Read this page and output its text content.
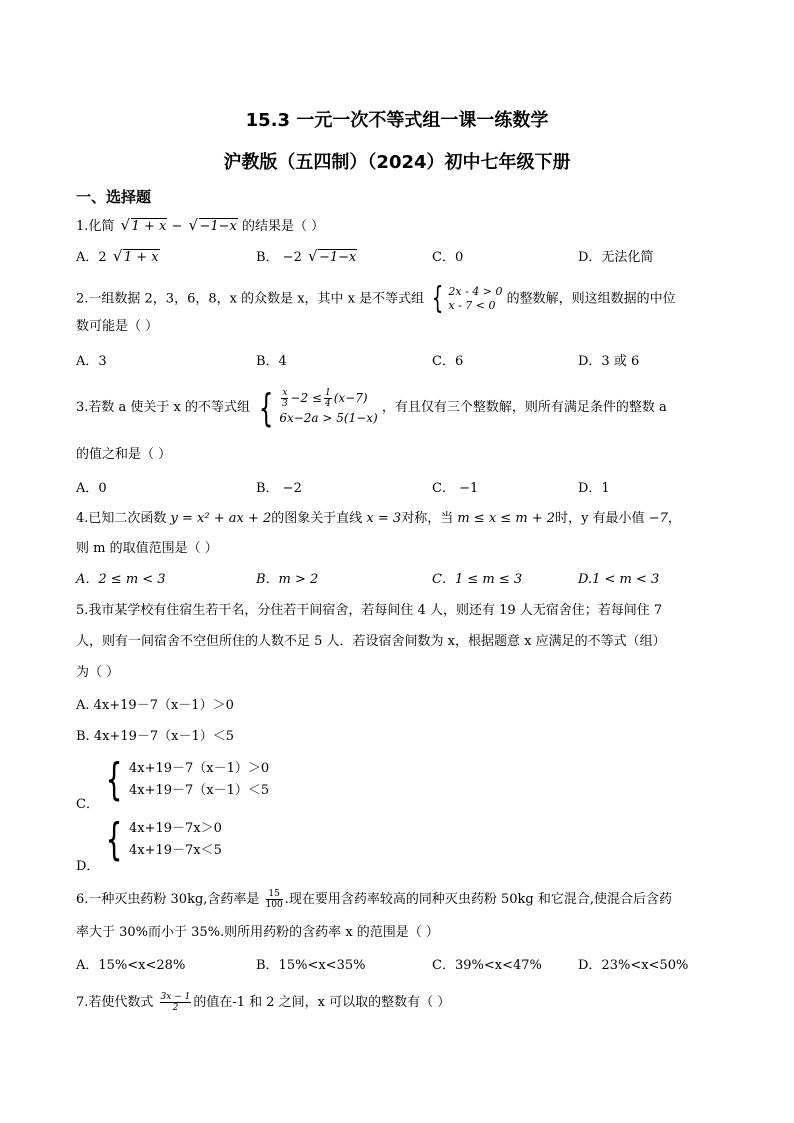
15.3 一元一次不等式组一课一练数学
沪教版（五四制）（2024）初中七年级下册
一、选择题
1.化简 √ 1 + x − √ −1−x 的结果是（ ）
A．2 √ 1 + x	B． −2 √ −1−x	C．0	D．无法化简
2.一组数据 2，3，6，8，x 的众数是 x，其中 x 是不等式组 { 2x - 4 > 0
x - 7 < 0 的整数解，则这组数据的中位
数可能是（ ）
A．3	B．4	C．6	D．3 或 6
3.若数 a 使关于 x 的不等式组 { $\frac{x}{3} -2 \le \frac{1}{4} (x-7)$
6x−2a > 5(1−x)
，有且仅有三个整数解，则所有满足条件的整数 a
的值之和是（ ）
A．0	B． −2	C． −1	D．1
4.已知二次函数 y = x² + ax + 2的图象关于直线 x = 3对称，当 m ≤ x ≤ m + 2时，y 有最小值 −7，
则 m 的取值范围是（ ）
A．2 ≤ m < 3	B．m > 2	C．1 ≤ m ≤ 3	D.1 < m < 3
5.我市某学校有住宿生若干名，分住若干间宿舍，若每间住 4 人，则还有 19 人无宿舍住；若每间住 7
人，则有一间宿舍不空但所住的人数不足 5 人．若设宿舍间数为 x，根据题意 x 应满足的不等式（组）
为（ ）
A. 4x+19－7（x－1）＞0
B. 4x+19－7（x－1）＜5
{ 4x+19－7（x－1）＞0
4x+19－7（x－1）＜5
C．
{ 4x+19－7x＞0
4x+19－7x＜5
D．
6.一种灭虫药粉 30kg,含药率是 $\frac{15}{100}$ .现在要用含药率较高的同种灭虫药粉 50kg 和它混合,使混合后含药
率大于 30%而小于 35%.则所用药粉的含药率 x 的范围是（ ）
A．15%<x<28%	B．15%<x<35%	C．39%<x<47%	D．23%<x<50%
7.若使代数式 $\frac{3x - 1}{2}$ 的值在-1 和 2 之间，x 可以取的整数有（ ）
